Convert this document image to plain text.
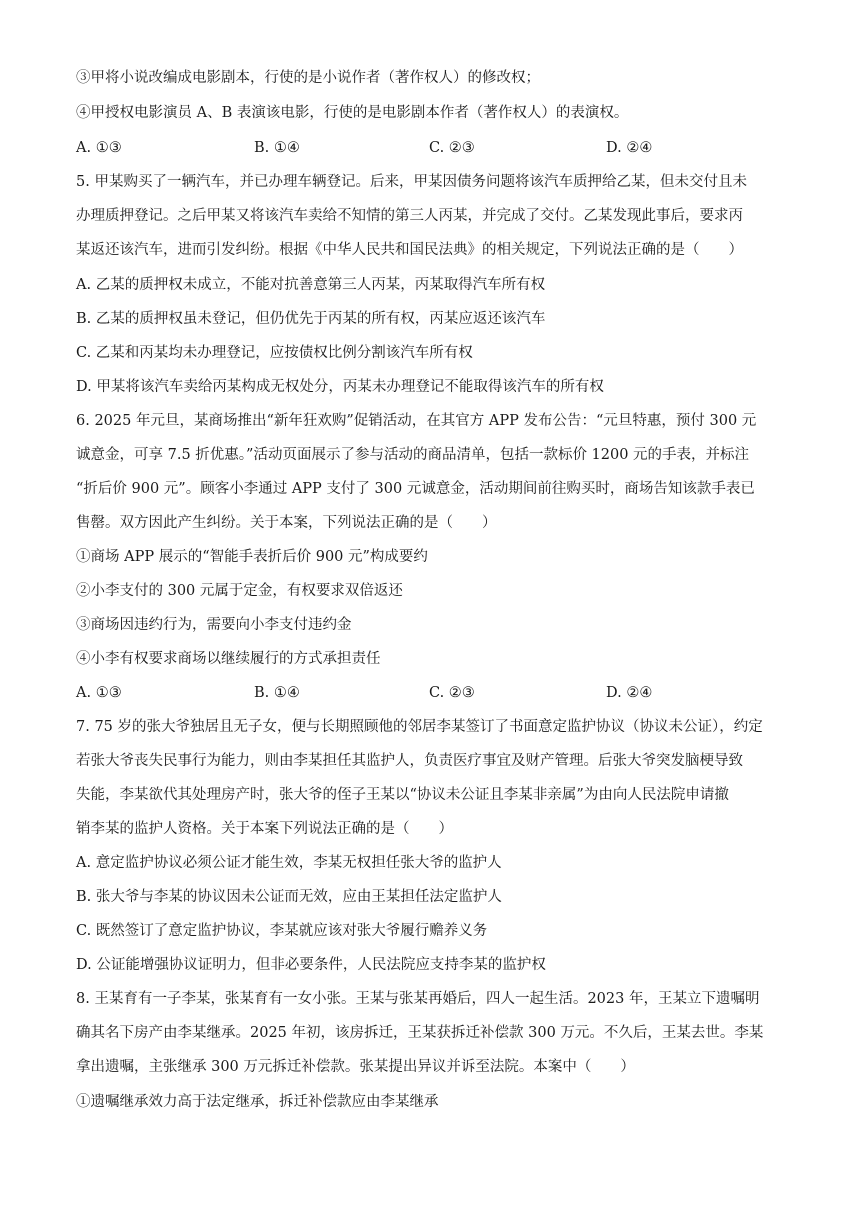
③甲将小说改编成电影剧本，行使的是小说作者（著作权人）的修改权；
④甲授权电影演员 A、B 表演该电影，行使的是电影剧本作者（著作权人）的表演权。
A. ①③	B. ①④	C. ②③	D. ②④
5. 甲某购买了一辆汽车，并已办理车辆登记。后来，甲某因债务问题将该汽车质押给乙某，但未交付且未
办理质押登记。之后甲某又将该汽车卖给不知情的第三人丙某，并完成了交付。乙某发现此事后，要求丙
某返还该汽车，进而引发纠纷。根据《中华人民共和国民法典》的相关规定，下列说法正确的是（　　）
A. 乙某的质押权未成立，不能对抗善意第三人丙某，丙某取得汽车所有权
B. 乙某的质押权虽未登记，但仍优先于丙某的所有权，丙某应返还该汽车
C. 乙某和丙某均未办理登记，应按债权比例分割该汽车所有权
D. 甲某将该汽车卖给丙某构成无权处分，丙某未办理登记不能取得该汽车的所有权
6. 2025 年元旦，某商场推出“新年狂欢购”促销活动，在其官方 APP 发布公告：“元旦特惠，预付 300 元
诚意金，可享 7.5 折优惠。”活动页面展示了参与活动的商品清单，包括一款标价 1200 元的手表，并标注
“折后价 900 元”。顾客小李通过 APP 支付了 300 元诚意金，活动期间前往购买时，商场告知该款手表已
售罄。双方因此产生纠纷。关于本案，下列说法正确的是（　　）
①商场 APP 展示的“智能手表折后价 900 元”构成要约
②小李支付的 300 元属于定金，有权要求双倍返还
③商场因违约行为，需要向小李支付违约金
④小李有权要求商场以继续履行的方式承担责任
A. ①③	B. ①④	C. ②③	D. ②④
7. 75 岁的张大爷独居且无子女，便与长期照顾他的邻居李某签订了书面意定监护协议（协议未公证），约定
若张大爷丧失民事行为能力，则由李某担任其监护人，负责医疗事宜及财产管理。后张大爷突发脑梗导致
失能，李某欲代其处理房产时，张大爷的侄子王某以“协议未公证且李某非亲属”为由向人民法院申请撤
销李某的监护人资格。关于本案下列说法正确的是（　　）
A. 意定监护协议必须公证才能生效，李某无权担任张大爷的监护人
B. 张大爷与李某的协议因未公证而无效，应由王某担任法定监护人
C. 既然签订了意定监护协议，李某就应该对张大爷履行赡养义务
D. 公证能增强协议证明力，但非必要条件，人民法院应支持李某的监护权
8. 王某育有一子李某，张某育有一女小张。王某与张某再婚后，四人一起生活。2023 年，王某立下遗嘱明
确其名下房产由李某继承。2025 年初，该房拆迁，王某获拆迁补偿款 300 万元。不久后，王某去世。李某
拿出遗嘱，主张继承 300 万元拆迁补偿款。张某提出异议并诉至法院。本案中（　　）
①遗嘱继承效力高于法定继承，拆迁补偿款应由李某继承
